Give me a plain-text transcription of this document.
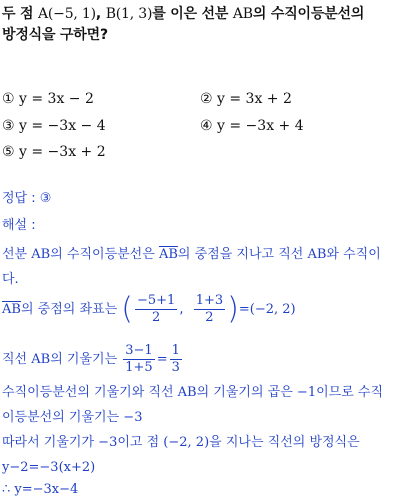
두 점 A(−5, 1), B(1, 3)를 이은 선분 AB의 수직이등분선의
방정식을 구하면?
① y = 3x − 2	② y = 3x + 2
③ y = −3x − 4	④ y = −3x + 4
⑤ y = −3x + 2
정답 : ③
해설 :
선분 AB의 수직이등분선은 $\overline{AB}$의 중점을 지나고 직선 AB와 수직이
다.
$\overline{AB}$의 중점의 좌표는 ( $\frac{-5+1}{2}$ , $\frac{1+3}{2} )=(-2$, 2)
직선 AB의 기울기는 $\frac{3-1}{1+5} = \frac{1}{3}$
수직이등분선의 기울기와 직선 AB의 기울기의 곱은 −1이므로 수직
이등분선의 기울기는 −3
따라서 기울기가 −3이고 점 (−2, 2)을 지나는 직선의 방정식은
y−2=−3(x+2)
∴ y=−3x−4
